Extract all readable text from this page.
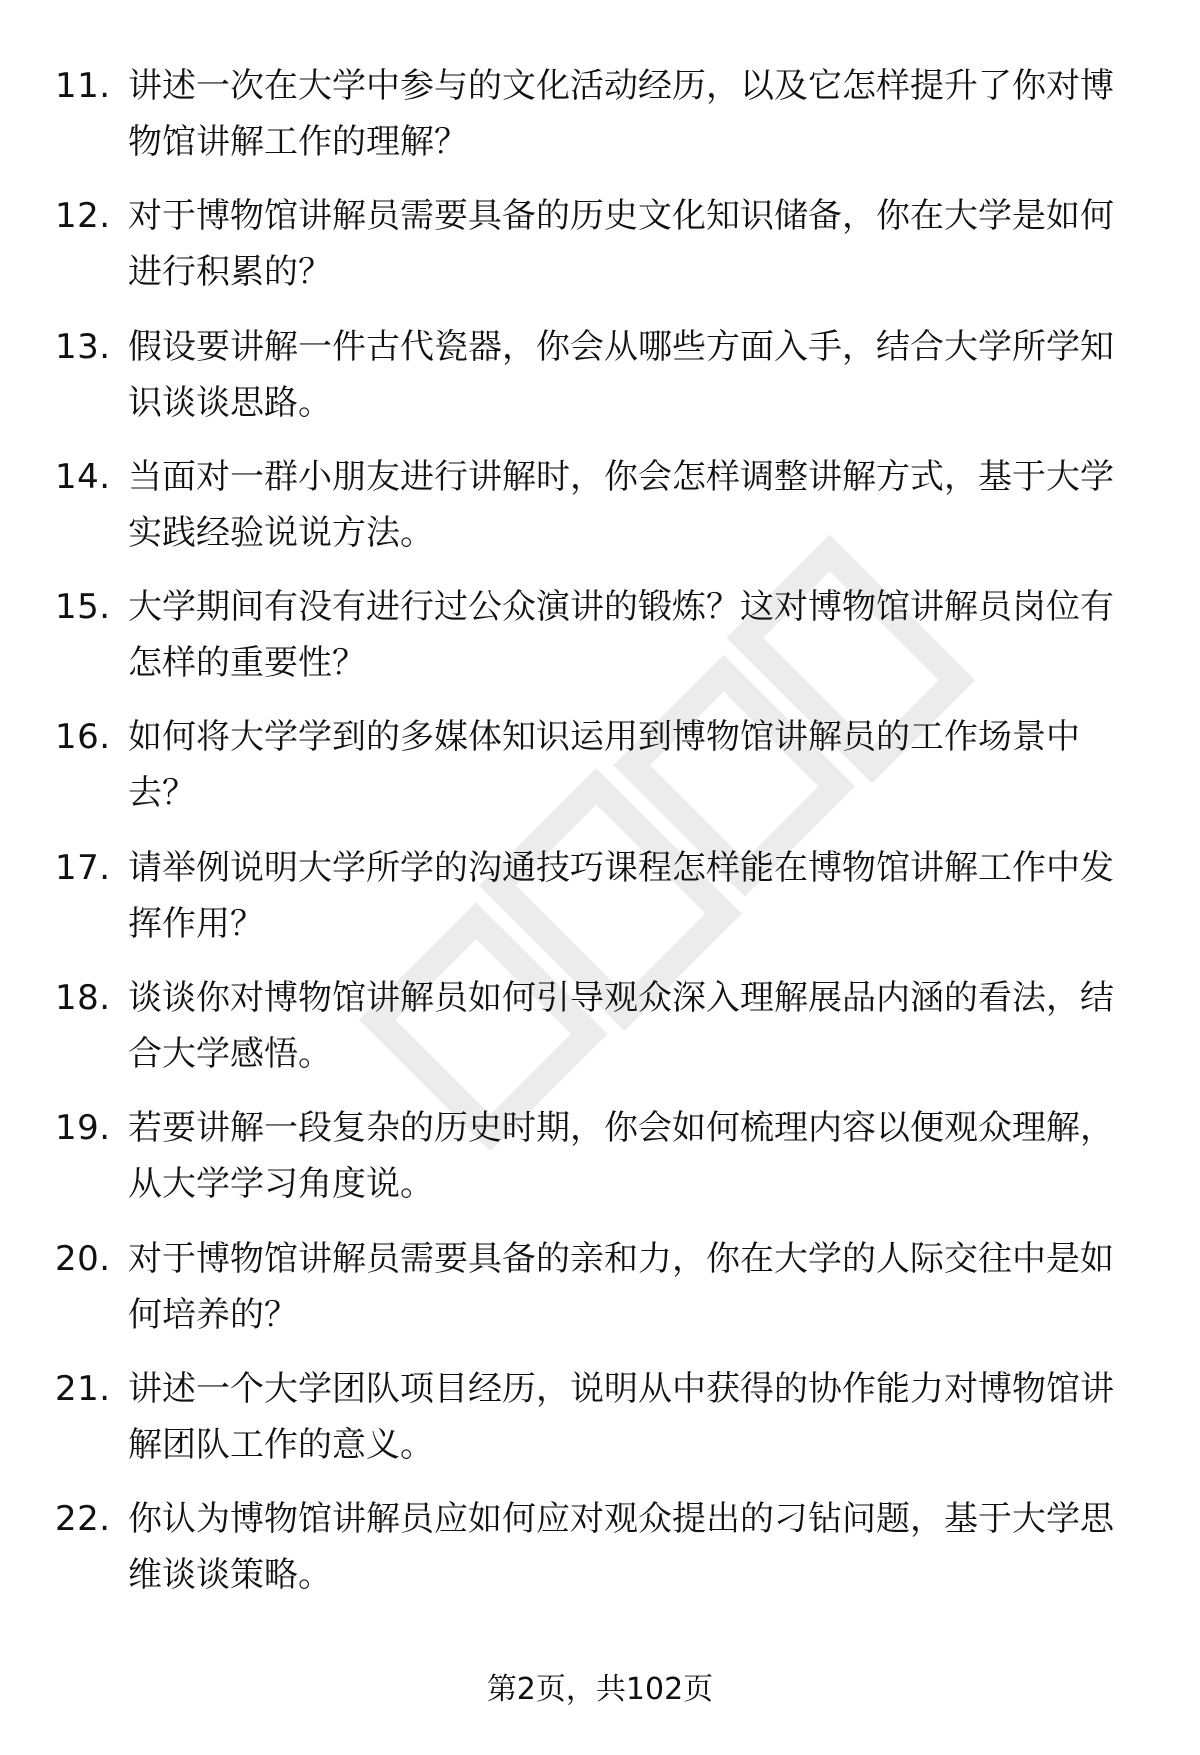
11. 讲述一次在大学中参与的文化活动经历，以及它怎样提升了你对博物馆讲解工作的理解？
12. 对于博物馆讲解员需要具备的历史文化知识储备，你在大学是如何进行积累的？
13. 假设要讲解一件古代瓷器，你会从哪些方面入手，结合大学所学知识谈谈思路。
14. 当面对一群小朋友进行讲解时，你会怎样调整讲解方式，基于大学实践经验说说方法。
15. 大学期间有没有进行过公众演讲的锻炼？这对博物馆讲解员岗位有怎样的重要性？
16. 如何将大学学到的多媒体知识运用到博物馆讲解员的工作场景中去？
17. 请举例说明大学所学的沟通技巧课程怎样能在博物馆讲解工作中发挥作用？
18. 谈谈你对博物馆讲解员如何引导观众深入理解展品内涵的看法，结合大学感悟。
19. 若要讲解一段复杂的历史时期，你会如何梳理内容以便观众理解，从大学学习角度说。
20. 对于博物馆讲解员需要具备的亲和力，你在大学的人际交往中是如何培养的？
21. 讲述一个大学团队项目经历，说明从中获得的协作能力对博物馆讲解团队工作的意义。
22. 你认为博物馆讲解员应如何应对观众提出的刁钻问题，基于大学思维谈谈策略。
第2页，共102页
